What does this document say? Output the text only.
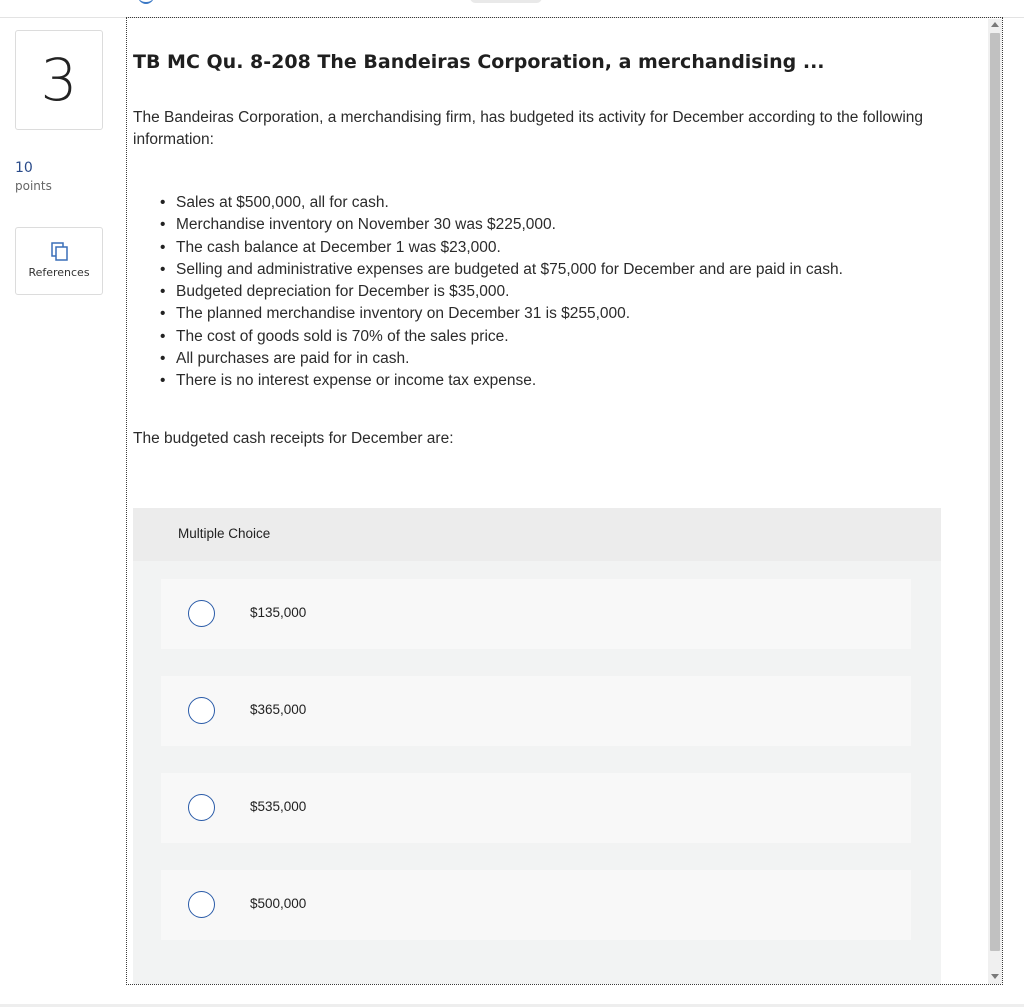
3
10
points
References
TB MC Qu. 8-208 The Bandeiras Corporation, a merchandising ...
The Bandeiras Corporation, a merchandising firm, has budgeted its activity for December according to the following information:
• Sales at $500,000, all for cash.
• Merchandise inventory on November 30 was $225,000.
• The cash balance at December 1 was $23,000.
• Selling and administrative expenses are budgeted at $75,000 for December and are paid in cash.
• Budgeted depreciation for December is $35,000.
• The planned merchandise inventory on December 31 is $255,000.
• The cost of goods sold is 70% of the sales price.
• All purchases are paid for in cash.
• There is no interest expense or income tax expense.
The budgeted cash receipts for December are:
Multiple Choice
$135,000
$365,000
$535,000
$500,000
